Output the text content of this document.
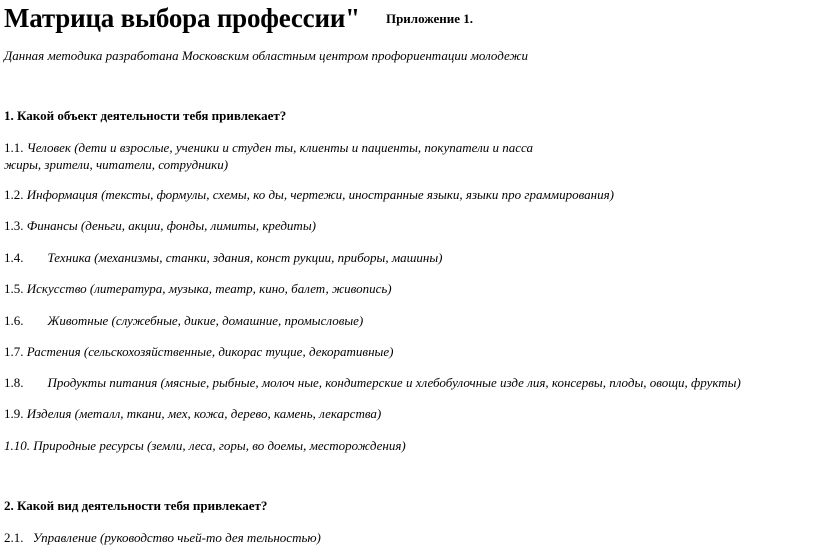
Матрица выбора профессии" $^{Приложение 1.}$
Данная методика разработана Московским областным центром профориентации молодежи
1. Какой объект деятельности тебя привлекает?
1.1. Человек (дети и взрослые, ученики и студен ты, клиенты и пациенты, покупатели и пасса жиры, зрители, читатели, сотрудники)
1.2. Информация (тексты, формулы, схемы, ко ды, чертежи, иностранные языки, языки про граммирования)
1.3. Финансы (деньги, акции, фонды, лимиты, кредиты)
1.4. Техника (механизмы, станки, здания, конст рукции, приборы, машины)
1.5. Искусство (литература, музыка, театр, кино, балет, живопись)
1.6. Животные (служебные, дикие, домашние, промысловые)
1.7. Растения (сельскохозяйственные, дикорас тущие, декоративные)
1.8. Продукты питания (мясные, рыбные, молоч ные, кондитерские и хлебобулочные изде лия, консервы, плоды, овощи, фрукты)
1.9. Изделия (металл, ткани, мех, кожа, дерево, камень, лекарства)
1.10. Природные ресурсы (земли, леса, горы, во доемы, месторождения)
2. Какой вид деятельности тебя привлекает?
2.1. Управление (руководство чьей-то дея тельностью)
